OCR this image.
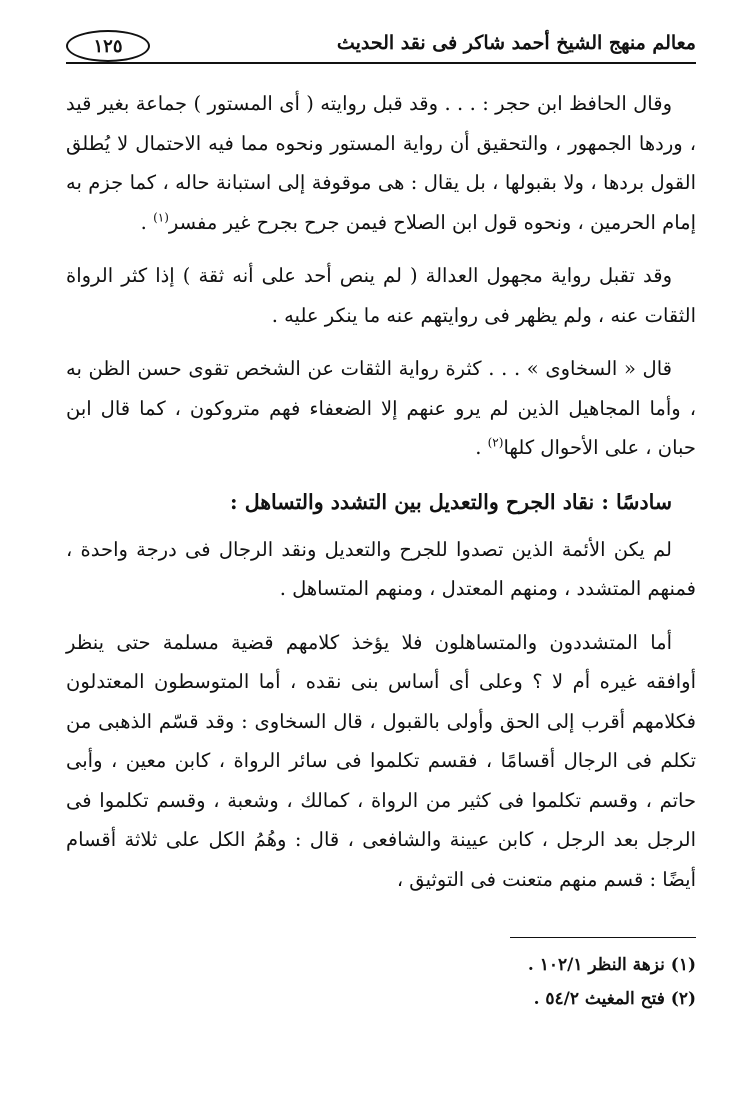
معالم منهج الشيخ أحمد شاكر فى نقد الحديث
١٢٥

وقال الحافظ ابن حجر : . . . وقد قبل روايته ( أى المستور ) جماعة بغير قيد ، وردها الجمهور ، والتحقيق أن رواية المستور ونحوه مما فيه الاحتمال لا يُطلق القول بردها ، ولا بقبولها ، بل يقال : هى موقوفة إلى استبانة حاله ، كما جزم به إمام الحرمين ، ونحوه قول ابن الصلاح فيمن جرح بجرح غير مفسر$^{(١)}$ .

وقد تقبل رواية مجهول العدالة ( لم ينص أحد على أنه ثقة ) إذا كثر الرواة الثقات عنه ، ولم يظهر فى روايتهم عنه ما ينكر عليه .

قال « السخاوى » . . . كثرة رواية الثقات عن الشخص تقوى حسن الظن به ، وأما المجاهيل الذين لم يرو عنهم إلا الضعفاء فهم متروكون ، كما قال ابن حبان ، على الأحوال كلها$^{(٢)}$ .

سادسًا : نقاد الجرح والتعديل بين التشدد والتساهل :

لم يكن الأئمة الذين تصدوا للجرح والتعديل ونقد الرجال فى درجة واحدة ، فمنهم المتشدد ، ومنهم المعتدل ، ومنهم المتساهل .

أما المتشددون والمتساهلون فلا يؤخذ كلامهم قضية مسلمة حتى ينظر أوافقه غيره أم لا ؟ وعلى أى أساس بنى نقده ، أما المتوسطون المعتدلون فكلامهم أقرب إلى الحق وأولى بالقبول ، قال السخاوى : وقد قسّم الذهبى من تكلم فى الرجال أقسامًا ، فقسم تكلموا فى سائر الرواة ، كابن معين ، وأبى حاتم ، وقسم تكلموا فى كثير من الرواة ، كمالك ، وشعبة ، وقسم تكلموا فى الرجل بعد الرجل ، كابن عيينة والشافعى ، قال : وهُمُ الكل على ثلاثة أقسام أيضًا : قسم منهم متعنت فى التوثيق ،

(١) نزهة النظر ١٠٢/١ .

(٢) فتح المغيث ٥٤/٢ .
